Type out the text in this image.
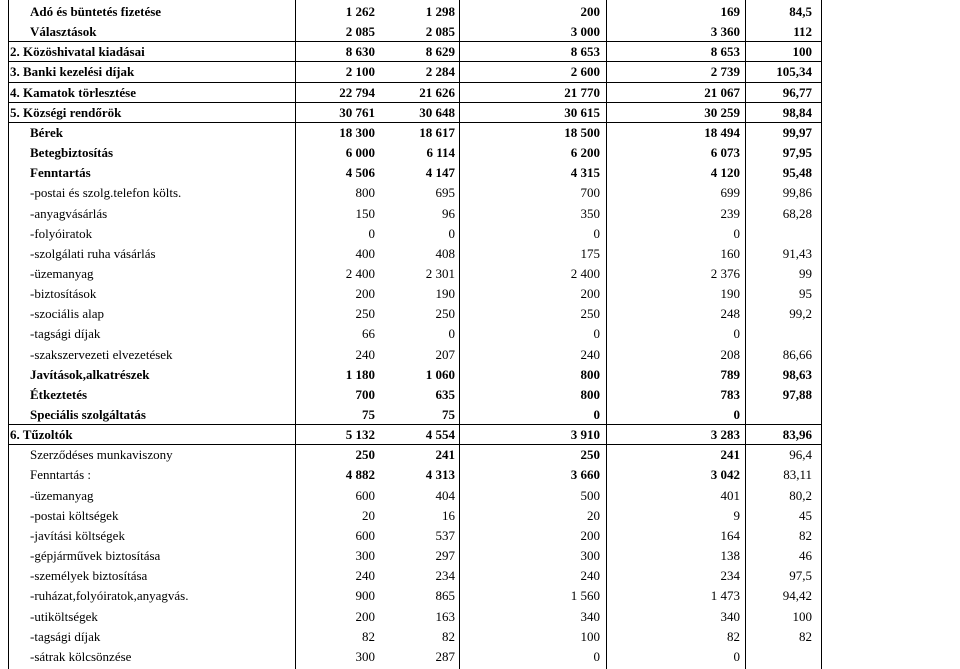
Adó és büntetés fizetése	1 262	1 298	200	169	84,5
Választások	2 085	2 085	3 000	3 360	112
2. Közöshivatal kiadásai	8 630	8 629	8 653	8 653	100
3. Banki kezelési díjak	2 100	2 284	2 600	2 739	105,34
4. Kamatok törlesztése	22 794	21 626	21 770	21 067	96,77
5. Községi rendőrök	30 761	30 648	30 615	30 259	98,84
Bérek	18 300	18 617	18 500	18 494	99,97
Betegbiztosítás	6 000	6 114	6 200	6 073	97,95
Fenntartás	4 506	4 147	4 315	4 120	95,48
-postai és szolg.telefon költs.	800	695	700	699	99,86
-anyagvásárlás	150	96	350	239	68,28
-folyóiratok	0	0	0	0
-szolgálati ruha vásárlás	400	408	175	160	91,43
-üzemanyag	2 400	2 301	2 400	2 376	99
-biztosítások	200	190	200	190	95
-szociális alap	250	250	250	248	99,2
-tagsági díjak	66	0	0	0
-szakszervezeti elvezetések	240	207	240	208	86,66
Javítások,alkatrészek	1 180	1 060	800	789	98,63
Étkeztetés	700	635	800	783	97,88
Speciális szolgáltatás	75	75	0	0
6. Tűzoltók	5 132	4 554	3 910	3 283	83,96
Szerződéses munkaviszony	250	241	250	241	96,4
Fenntartás :	4 882	4 313	3 660	3 042	83,11
-üzemanyag	600	404	500	401	80,2
-postai költségek	20	16	20	9	45
-javítási költségek	600	537	200	164	82
-gépjárművek biztosítása	300	297	300	138	46
-személyek biztosítása	240	234	240	234	97,5
-ruházat,folyóiratok,anyagvás.	900	865	1 560	1 473	94,42
-utiköltségek	200	163	340	340	100
-tagsági díjak	82	82	100	82	82
-sátrak kölcsönzése	300	287	0	0
